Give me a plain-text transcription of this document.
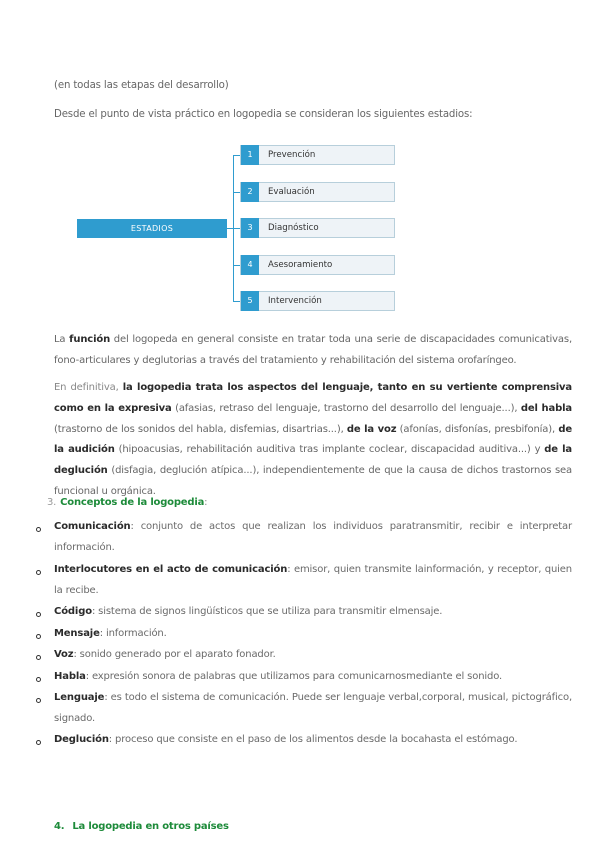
(en todas las etapas del desarrollo)
Desde el punto de vista práctico en logopedia se consideran los siguientes estadios:
ESTADIOS
1	Prevención
2	Evaluación
3	Diagnóstico
4	Asesoramiento
5	Intervención
La función del logopeda en general consiste en tratar toda una serie de discapacidades comunicativas, fono-articulares y deglutorias a través del tratamiento y rehabilitación del sistema orofaríngeo.
En definitiva, la logopedia trata los aspectos del lenguaje, tanto en su vertiente comprensiva como en la expresiva (afasias, retraso del lenguaje, trastorno del desarrollo del lenguaje...), del habla (trastorno de los sonidos del habla, disfemias, disartrias...), de la voz (afonías, disfonías, presbifonía), de la audición (hipoacusias, rehabilitación auditiva tras implante coclear, discapacidad auditiva...) y de la deglución (disfagia, deglución atípica...), independientemente de que la causa de dichos trastornos sea funcional u orgánica.
3. Conceptos de la logopedia:
Comunicación: conjunto de actos que realizan los individuos paratransmitir, recibir e interpretar información.
Interlocutores en el acto de comunicación: emisor, quien transmite lainformación, y receptor, quien la recibe.
Código: sistema de signos lingüísticos que se utiliza para transmitir elmensaje.
Mensaje: información.
Voz: sonido generado por el aparato fonador.
Habla: expresión sonora de palabras que utilizamos para comunicarnosmediante el sonido.
Lenguaje: es todo el sistema de comunicación. Puede ser lenguaje verbal,corporal, musical, pictográfico, signado.
Deglución: proceso que consiste en el paso de los alimentos desde la bocahasta el estómago.
4. La logopedia en otros países
